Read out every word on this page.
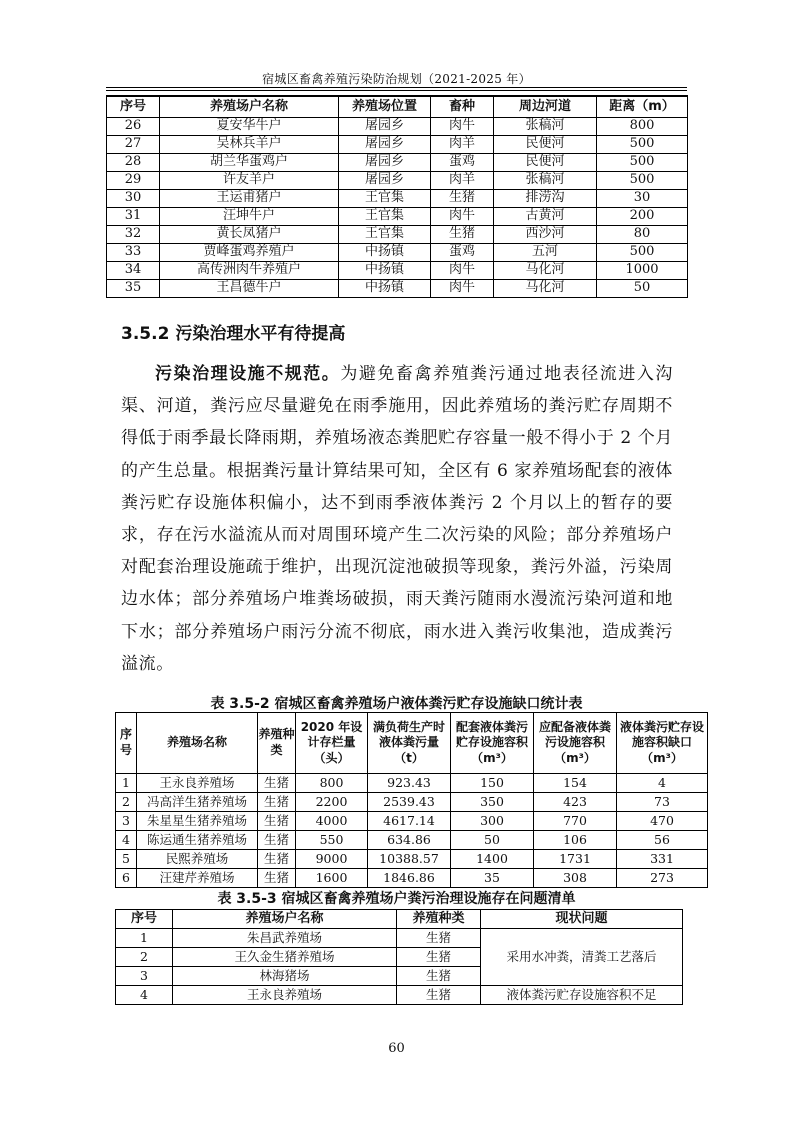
宿城区畜禽养殖污染防治规划（2021-2025 年）
序号	养殖场户名称	养殖场位置	畜种	周边河道	距离（m）
26	夏安华牛户	屠园乡	肉牛	张稿河	800
27	吴林兵羊户	屠园乡	肉羊	民便河	500
28	胡兰华蛋鸡户	屠园乡	蛋鸡	民便河	500
29	许友羊户	屠园乡	肉羊	张稿河	500
30	王运甫猪户	王官集	生猪	排涝沟	30
31	汪坤牛户	王官集	肉牛	古黄河	200
32	黄长凤猪户	王官集	生猪	西沙河	80
33	贾峰蛋鸡养殖户	中扬镇	蛋鸡	五河	500
34	高传洲肉牛养殖户	中扬镇	肉牛	马化河	1000
35	王昌德牛户	中扬镇	肉牛	马化河	50
3.5.2 污染治理水平有待提高

污染治理设施不规范。为避免畜禽养殖粪污通过地表径流进入沟渠、河道，粪污应尽量避免在雨季施用，因此养殖场的粪污贮存周期不得低于雨季最长降雨期，养殖场液态粪肥贮存容量一般不得小于 2 个月的产生总量。根据粪污量计算结果可知，全区有 6 家养殖场配套的液体粪污贮存设施体积偏小，达不到雨季液体粪污 2 个月以上的暂存的要求，存在污水溢流从而对周围环境产生二次污染的风险；部分养殖场户对配套治理设施疏于维护，出现沉淀池破损等现象，粪污外溢，污染周边水体；部分养殖场户堆粪场破损，雨天粪污随雨水漫流污染河道和地下水；部分养殖场户雨污分流不彻底，雨水进入粪污收集池，造成粪污溢流。

表 3.5-2 宿城区畜禽养殖场户液体粪污贮存设施缺口统计表
序号	养殖场名称	养殖种类	2020 年设计存栏量（头）	满负荷生产时液体粪污量（t）	配套液体粪污贮存设施容积（m³）	应配备液体粪污设施容积（m³）	液体粪污贮存设施容积缺口（m³）
1	王永良养殖场	生猪	800	923.43	150	154	4
2	冯高洋生猪养殖场	生猪	2200	2539.43	350	423	73
3	朱星星生猪养殖场	生猪	4000	4617.14	300	770	470
4	陈运通生猪养殖场	生猪	550	634.86	50	106	56
5	民熙养殖场	生猪	9000	10388.57	1400	1731	331
6	汪建芹养殖场	生猪	1600	1846.86	35	308	273
表 3.5-3 宿城区畜禽养殖场户粪污治理设施存在问题清单
序号	养殖场户名称	养殖种类	现状问题
1	朱昌武养殖场	生猪	采用水冲粪，清粪工艺落后
2	王久金生猪养殖场	生猪	
3	林海猪场	生猪	
4	王永良养殖场	生猪	液体粪污贮存设施容积不足
60
